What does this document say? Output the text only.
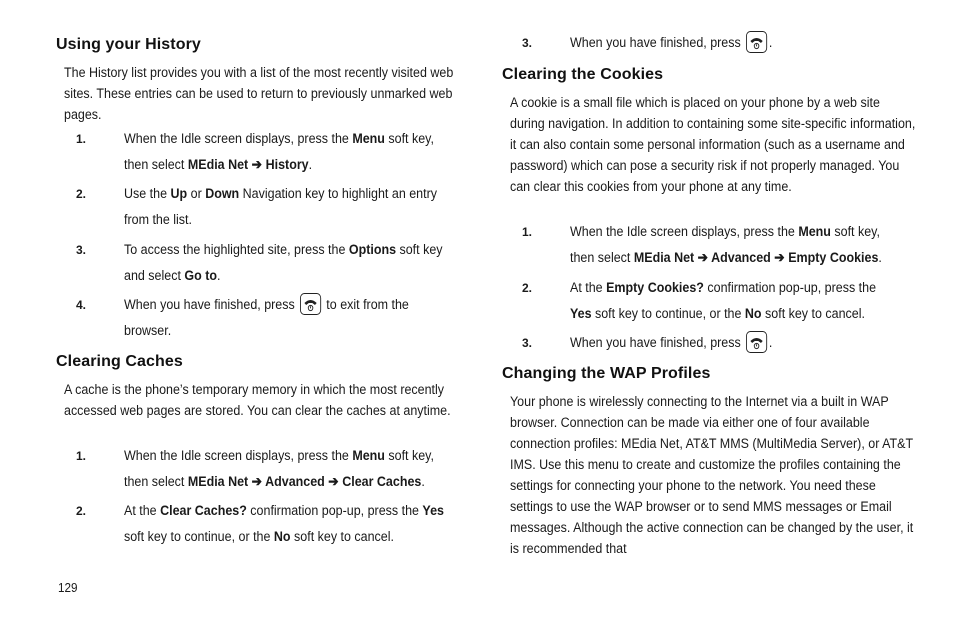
Using your History

The History list provides you with a list of the most recently visited web sites. These entries can be used to return to previously unmarked web pages.

1.	When the Idle screen displays, press the Menu soft key,
then select MEdia Net ➔ History.
2.	Use the Up or Down Navigation key to highlight an entry
from the list.
3.	To access the highlighted site, press the Options soft key
and select Go to.
4.	When you have finished, press
to exit from the
browser.
Clearing Caches

A cache is the phone’s temporary memory in which the most recently accessed web pages are stored. You can clear the caches at anytime.

1.	When the Idle screen displays, press the Menu soft key,
then select MEdia Net ➔ Advanced ➔ Clear Caches.
2.	At the Clear Caches? confirmation pop-up, press the Yes
soft key to continue, or the No soft key to cancel.
3.	When you have finished, press
.
Clearing the Cookies

A cookie is a small file which is placed on your phone by a web site during navigation. In addition to containing some site-specific information, it can also contain some personal information (such as a username and password) which can pose a security risk if not properly managed. You can clear this cookies from your phone at any time.

1.	When the Idle screen displays, press the Menu soft key,
then select MEdia Net ➔ Advanced ➔ Empty Cookies.
2.	At the Empty Cookies? confirmation pop-up, press the
Yes soft key to continue, or the No soft key to cancel.
3.	When you have finished, press
.
Changing the WAP Profiles

Your phone is wirelessly connecting to the Internet via a built in WAP browser. Connection can be made via either one of four available connection profiles: MEdia Net, AT&T MMS (MultiMedia Server), or AT&T IMS. Use this menu to create and customize the profiles containing the settings for connecting your phone to the network. You need these settings to use the WAP browser or to send MMS messages or Email messages. Although the active connection can be changed by the user, it is recommended that

129
